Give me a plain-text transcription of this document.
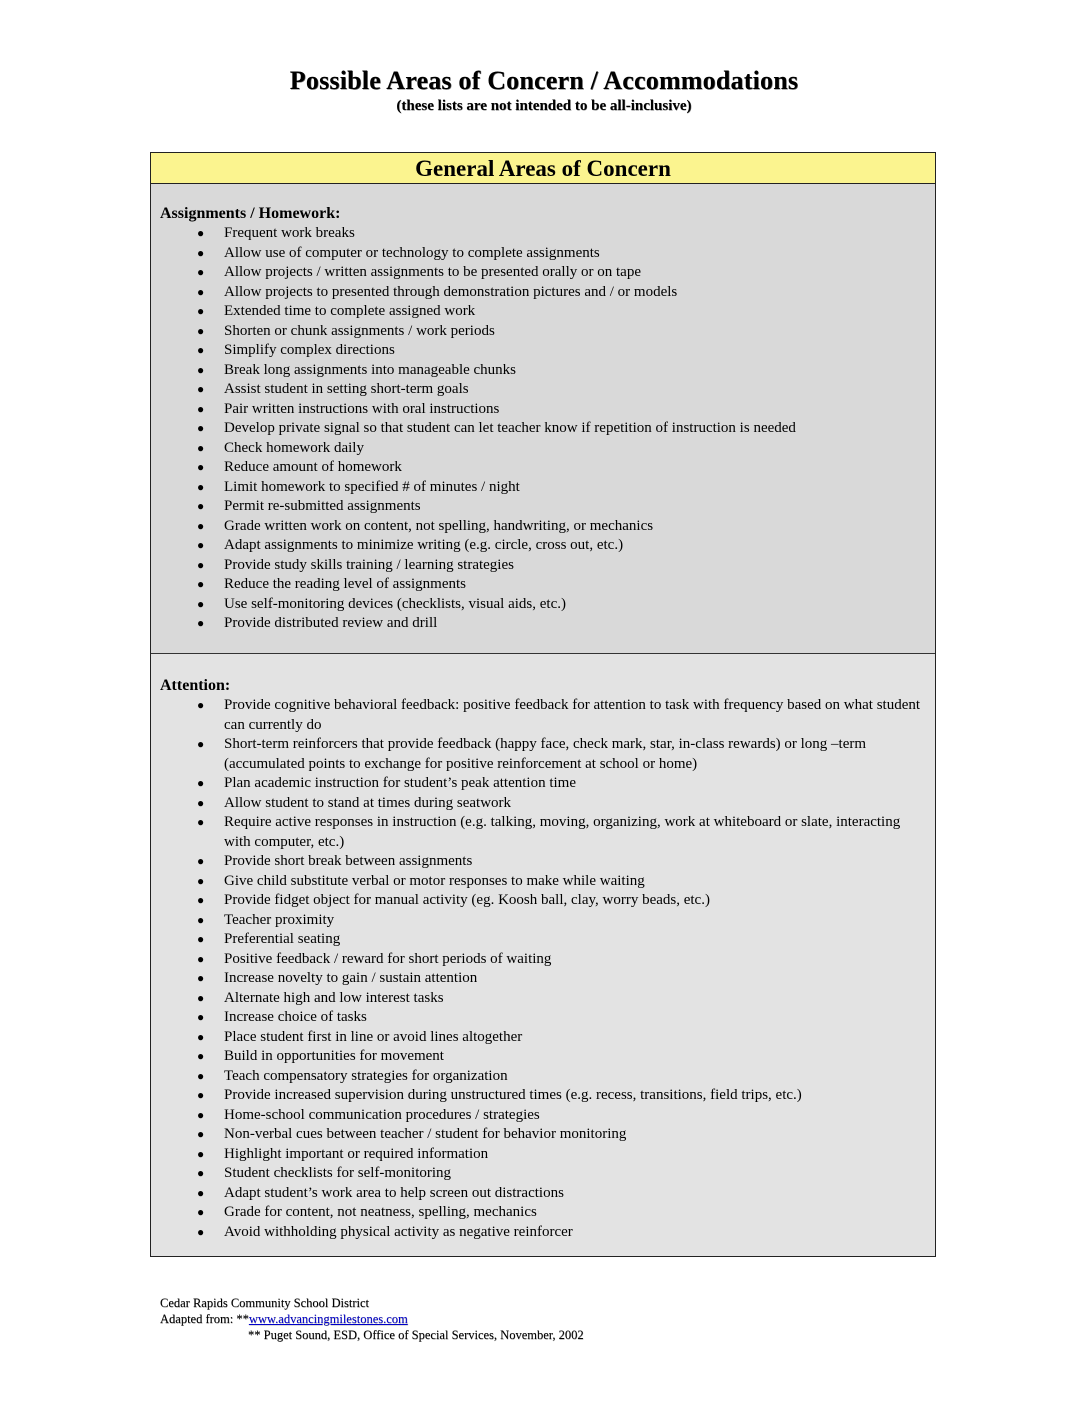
Possible Areas of Concern / Accommodations
(these lists are not intended to be all-inclusive)
General Areas of Concern
Assignments / Homework:
● Frequent work breaks
● Allow use of computer or technology to complete assignments
● Allow projects / written assignments to be presented orally or on tape
● Allow projects to presented through demonstration pictures and / or models
● Extended time to complete assigned work
● Shorten or chunk assignments / work periods
● Simplify complex directions
● Break long assignments into manageable chunks
● Assist student in setting short-term goals
● Pair written instructions with oral instructions
● Develop private signal so that student can let teacher know if repetition of instruction is needed
● Check homework daily
● Reduce amount of homework
● Limit homework to specified # of minutes / night
● Permit re-submitted assignments
● Grade written work on content, not spelling, handwriting, or mechanics
● Adapt assignments to minimize writing (e.g. circle, cross out, etc.)
● Provide study skills training / learning strategies
● Reduce the reading level of assignments
● Use self-monitoring devices (checklists, visual aids, etc.)
● Provide distributed review and drill
Attention:
● Provide cognitive behavioral feedback: positive feedback for attention to task with frequency based on what student can currently do
● Short-term reinforcers that provide feedback (happy face, check mark, star, in-class rewards) or long –term (accumulated points to exchange for positive reinforcement at school or home)
● Plan academic instruction for student’s peak attention time
● Allow student to stand at times during seatwork
● Require active responses in instruction (e.g. talking, moving, organizing, work at whiteboard or slate, interacting with computer, etc.)
● Provide short break between assignments
● Give child substitute verbal or motor responses to make while waiting
● Provide fidget object for manual activity (eg. Koosh ball, clay, worry beads, etc.)
● Teacher proximity
● Preferential seating
● Positive feedback / reward for short periods of waiting
● Increase novelty to gain / sustain attention
● Alternate high and low interest tasks
● Increase choice of tasks
● Place student first in line or avoid lines altogether
● Build in opportunities for movement
● Teach compensatory strategies for organization
● Provide increased supervision during unstructured times (e.g. recess, transitions, field trips, etc.)
● Home-school communication procedures / strategies
● Non-verbal cues between teacher / student for behavior monitoring
● Highlight important or required information
● Student checklists for self-monitoring
● Adapt student’s work area to help screen out distractions
● Grade for content, not neatness, spelling, mechanics
● Avoid withholding physical activity as negative reinforcer
Cedar Rapids Community School District
Adapted from: **www.advancingmilestones.com
** Puget Sound, ESD, Office of Special Services, November, 2002
